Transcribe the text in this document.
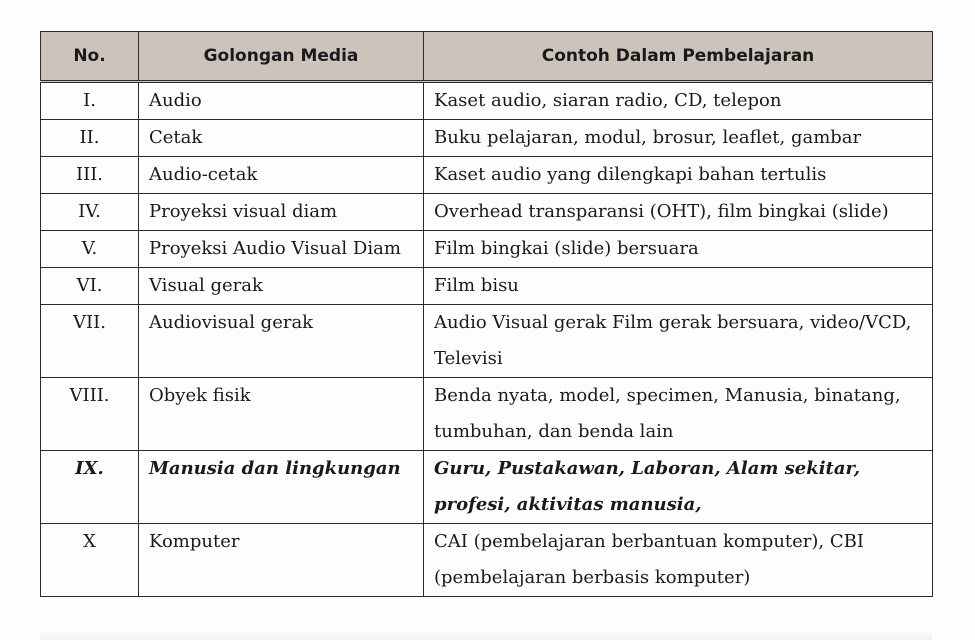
No.	Golongan Media	Contoh Dalam Pembelajaran
I.	Audio	Kaset audio, siaran radio, CD, telepon
II.	Cetak	Buku pelajaran, modul, brosur, leaflet, gambar
III.	Audio-cetak	Kaset audio yang dilengkapi bahan tertulis
IV.	Proyeksi visual diam	Overhead transparansi (OHT), film bingkai (slide)
V.	Proyeksi Audio Visual Diam	Film bingkai (slide) bersuara
VI.	Visual gerak	Film bisu
VII.	Audiovisual gerak	Audio Visual gerak Film gerak bersuara, video/VCD, Televisi
VIII.	Obyek fisik	Benda nyata, model, specimen, Manusia, binatang, tumbuhan, dan benda lain
IX.	Manusia dan lingkungan	Guru, Pustakawan, Laboran, Alam sekitar, profesi, aktivitas manusia,
X	Komputer	CAI (pembelajaran berbantuan komputer), CBI (pembelajaran berbasis komputer)
